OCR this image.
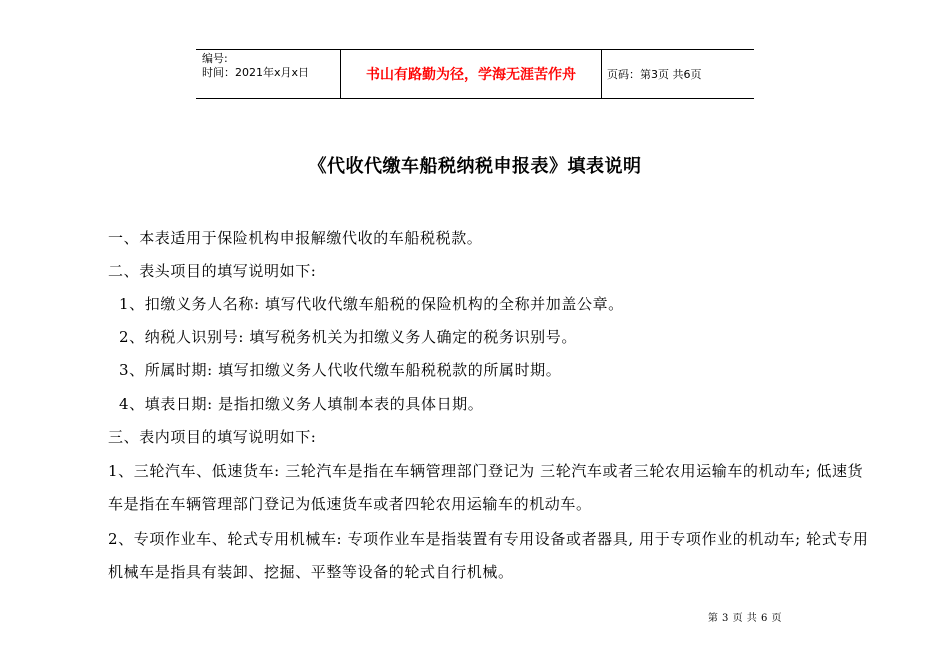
编号:
时间：2021年x月x日	书山有路勤为径，学海无涯苦作舟	页码：第3页 共6页
《代收代缴车船税纳税申报表》填表说明
一、本表适用于保险机构申报解缴代收的车船税税款。
二、表头项目的填写说明如下:
1、扣缴义务人名称: 填写代收代缴车船税的保险机构的全称并加盖公章。
2、纳税人识别号: 填写税务机关为扣缴义务人确定的税务识别号。
3、所属时期: 填写扣缴义务人代收代缴车船税税款的所属时期。
4、填表日期: 是指扣缴义务人填制本表的具体日期。
三、表内项目的填写说明如下:
1、三轮汽车、低速货车: 三轮汽车是指在车辆管理部门登记为 三轮汽车或者三轮农用运输车的机动车; 低速货车是指在车辆管理部门登记为低速货车或者四轮农用运输车的机动车。
2、专项作业车、轮式专用机械车: 专项作业车是指装置有专用设备或者器具, 用于专项作业的机动车; 轮式专用机械车是指具有装卸、挖掘、平整等设备的轮式自行机械。
第 3 页 共 6 页
